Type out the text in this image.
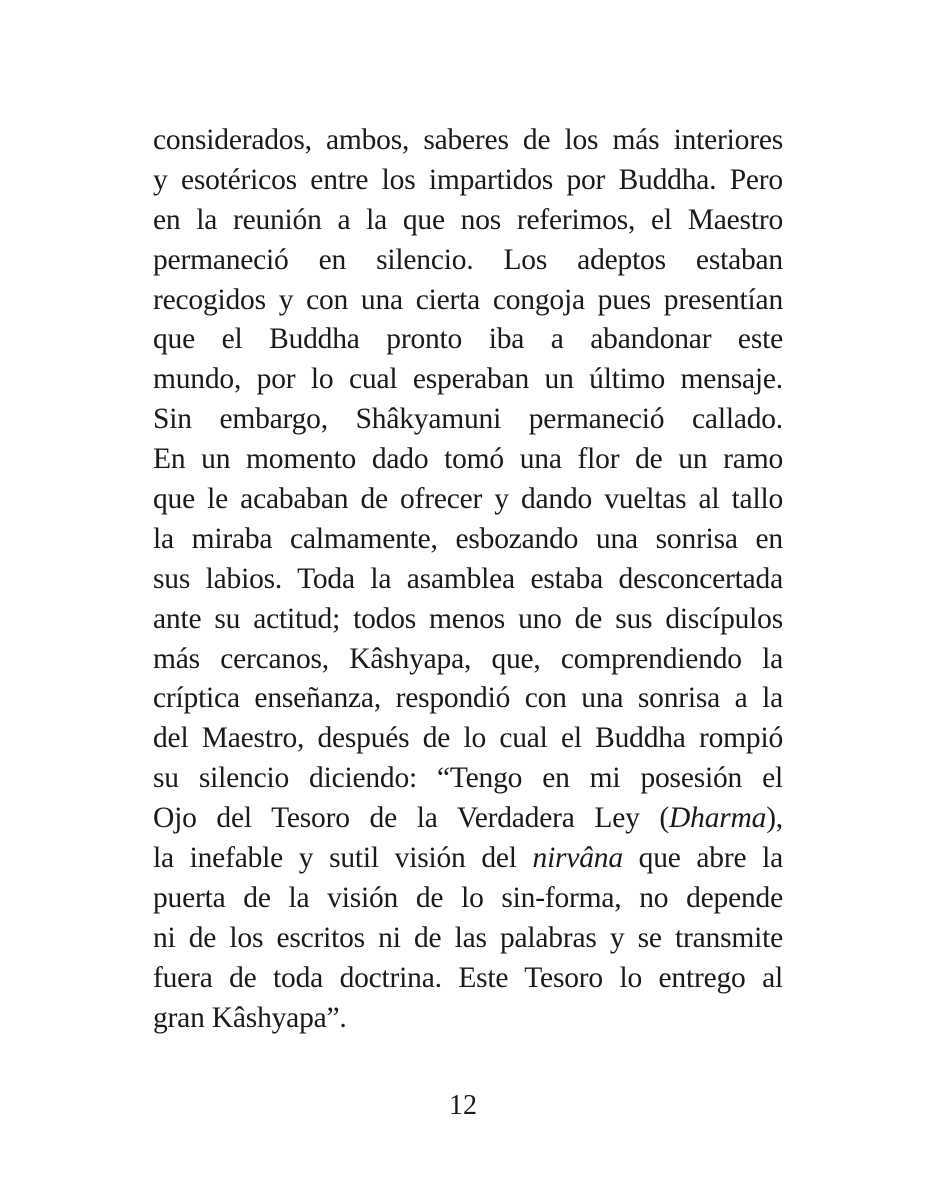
considerados, ambos, saberes de los más interiores
y esotéricos entre los impartidos por Buddha. Pero
en la reunión a la que nos referimos, el Maestro
permaneció en silencio. Los adeptos estaban
recogidos y con una cierta congoja pues presentían
que el Buddha pronto iba a abandonar este
mundo, por lo cual esperaban un último mensaje.
Sin embargo, Shâkyamuni permaneció callado.
En un momento dado tomó una flor de un ramo
que le acababan de ofrecer y dando vueltas al tallo
la miraba calmamente, esbozando una sonrisa en
sus labios. Toda la asamblea estaba desconcertada
ante su actitud; todos menos uno de sus discípulos
más cercanos, Kâshyapa, que, comprendiendo la
críptica enseñanza, respondió con una sonrisa a la
del Maestro, después de lo cual el Buddha rompió
su silencio diciendo: “Tengo en mi posesión el
Ojo del Tesoro de la Verdadera Ley (Dharma),
la inefable y sutil visión del nirvâna que abre la
puerta de la visión de lo sin-forma, no depende
ni de los escritos ni de las palabras y se transmite
fuera de toda doctrina. Este Tesoro lo entrego al
gran Kâshyapa”.
12
